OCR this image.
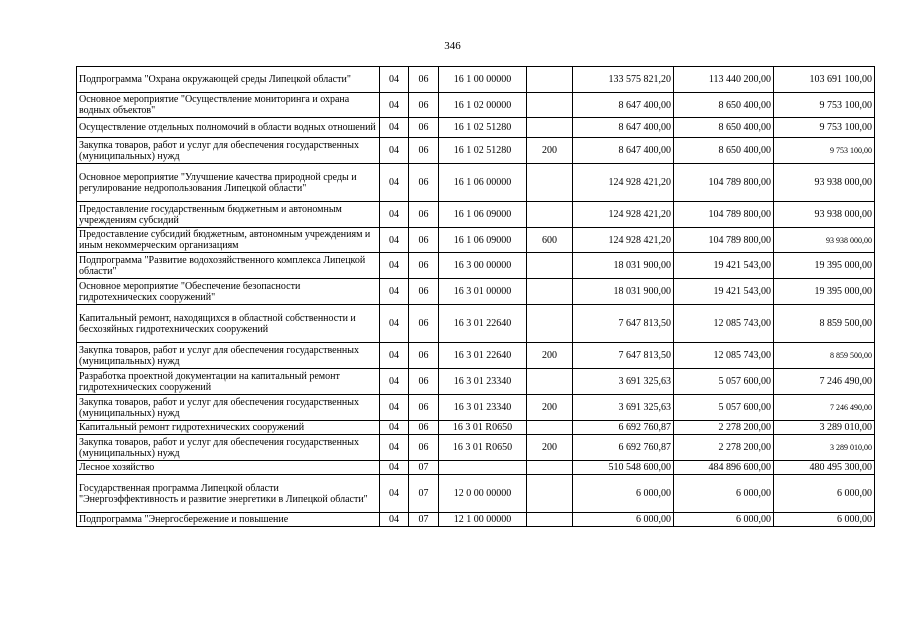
346
Подпрограмма "Охрана окружающей среды Липецкой области"	04	06	16 1 00 00000		133 575 821,20	113 440 200,00	103 691 100,00
Основное мероприятие "Осуществление мониторинга и охрана водных объектов"	04	06	16 1 02 00000		8 647 400,00	8 650 400,00	9 753 100,00
Осуществление отдельных полномочий в области водных отношений	04	06	16 1 02 51280		8 647 400,00	8 650 400,00	9 753 100,00
Закупка товаров, работ и услуг для обеспечения государственных (муниципальных) нужд	04	06	16 1 02 51280	200	8 647 400,00	8 650 400,00	9 753 100,00
Основное мероприятие "Улучшение качества природной среды и регулирование недропользования Липецкой области"	04	06	16 1 06 00000		124 928 421,20	104 789 800,00	93 938 000,00
Предоставление государственным бюджетным и автономным учреждениям субсидий	04	06	16 1 06 09000		124 928 421,20	104 789 800,00	93 938 000,00
Предоставление субсидий бюджетным, автономным учреждениям и иным некоммерческим организациям	04	06	16 1 06 09000	600	124 928 421,20	104 789 800,00	93 938 000,00
Подпрограмма "Развитие водохозяйственного комплекса Липецкой области"	04	06	16 3 00 00000		18 031 900,00	19 421 543,00	19 395 000,00
Основное мероприятие "Обеспечение безопасности гидротехнических сооружений"	04	06	16 3 01 00000		18 031 900,00	19 421 543,00	19 395 000,00
Капитальный ремонт, находящихся в областной собственности и бесхозяйных гидротехнических сооружений	04	06	16 3 01 22640		7 647 813,50	12 085 743,00	8 859 500,00
Закупка товаров, работ и услуг для обеспечения государственных (муниципальных) нужд	04	06	16 3 01 22640	200	7 647 813,50	12 085 743,00	8 859 500,00
Разработка проектной документации на капитальный ремонт гидротехнических сооружений	04	06	16 3 01 23340		3 691 325,63	5 057 600,00	7 246 490,00
Закупка товаров, работ и услуг для обеспечения государственных (муниципальных) нужд	04	06	16 3 01 23340	200	3 691 325,63	5 057 600,00	7 246 490,00
Капитальный ремонт гидротехнических сооружений	04	06	16 3 01 R0650		6 692 760,87	2 278 200,00	3 289 010,00
Закупка товаров, работ и услуг для обеспечения государственных (муниципальных) нужд	04	06	16 3 01 R0650	200	6 692 760,87	2 278 200,00	3 289 010,00
Лесное хозяйство	04	07			510 548 600,00	484 896 600,00	480 495 300,00
Государственная программа Липецкой области "Энергоэффективность и развитие энергетики в Липецкой области"	04	07	12 0 00 00000		6 000,00	6 000,00	6 000,00
Подпрограмма "Энергосбережение и повышение	04	07	12 1 00 00000		6 000,00	6 000,00	6 000,00
